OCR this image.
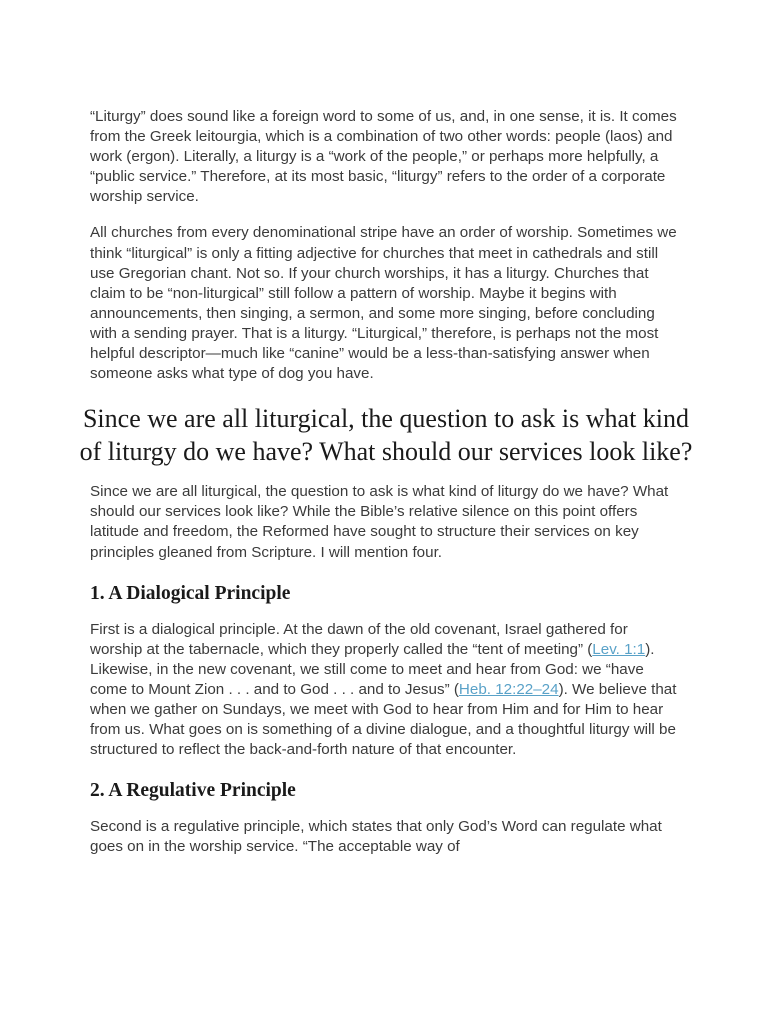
“Liturgy” does sound like a foreign word to some of us, and, in one sense, it is. It comes from the Greek leitourgia, which is a combination of two other words: people (laos) and work (ergon). Literally, a liturgy is a “work of the people,” or perhaps more helpfully, a “public service.” Therefore, at its most basic, “liturgy” refers to the order of a corporate worship service.

All churches from every denominational stripe have an order of worship. Sometimes we think “liturgical” is only a fitting adjective for churches that meet in cathedrals and still use Gregorian chant. Not so. If your church worships, it has a liturgy. Churches that claim to be “non-liturgical” still follow a pattern of worship. Maybe it begins with announcements, then singing, a sermon, and some more singing, before concluding with a sending prayer. That is a liturgy. “Liturgical,” therefore, is perhaps not the most helpful descriptor—much like “canine” would be a less-than-satisfying answer when someone asks what type of dog you have.

Since we are all liturgical, the question to ask is what kind of liturgy do we have? What should our services look like?

Since we are all liturgical, the question to ask is what kind of liturgy do we have? What should our services look like? While the Bible’s relative silence on this point offers latitude and freedom, the Reformed have sought to structure their services on key principles gleaned from Scripture. I will mention four.

1. A Dialogical Principle

First is a dialogical principle. At the dawn of the old covenant, Israel gathered for worship at the tabernacle, which they properly called the “tent of meeting” (Lev. 1:1). Likewise, in the new covenant, we still come to meet and hear from God: we “have come to Mount Zion . . . and to God . . . and to Jesus” (Heb. 12:22–24). We believe that when we gather on Sundays, we meet with God to hear from Him and for Him to hear from us. What goes on is something of a divine dialogue, and a thoughtful liturgy will be structured to reflect the back-and-forth nature of that encounter.

2. A Regulative Principle

Second is a regulative principle, which states that only God’s Word can regulate what goes on in the worship service. “The acceptable way of
